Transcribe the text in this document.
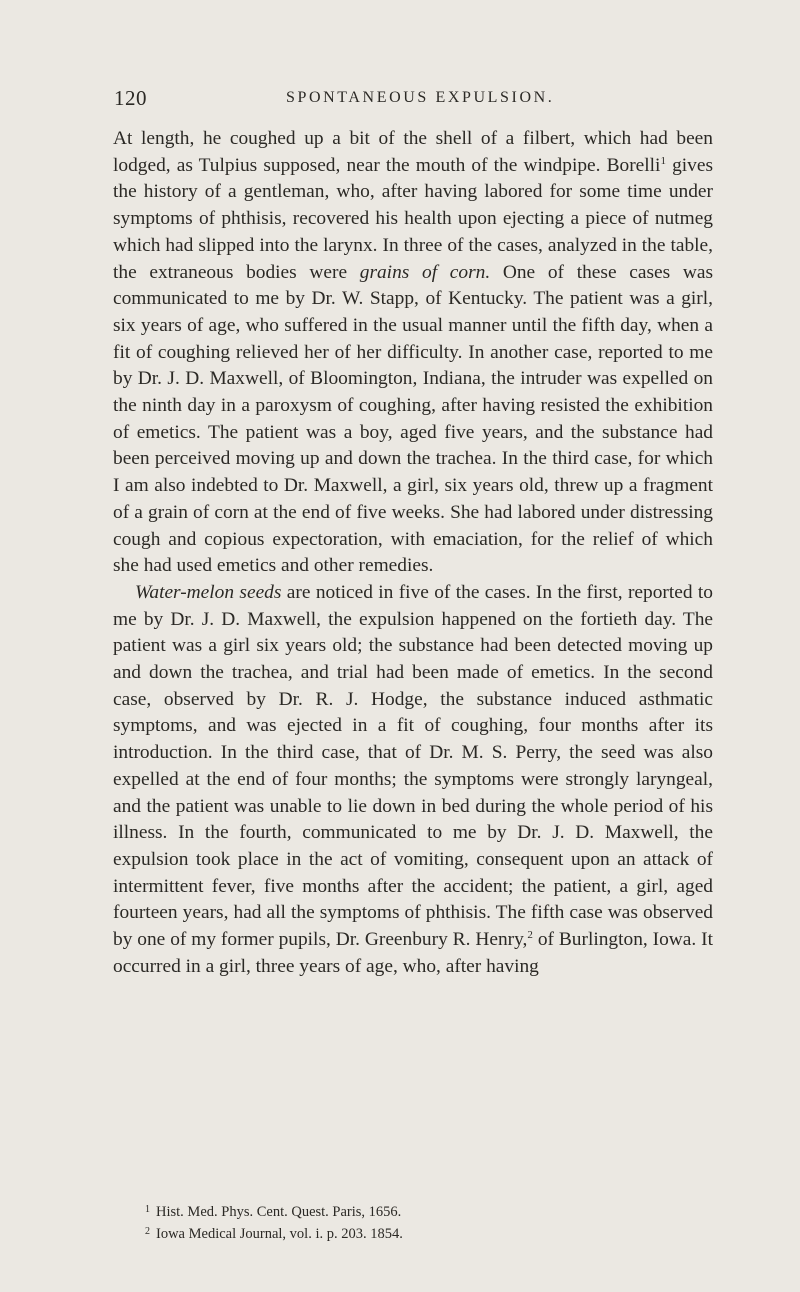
120	SPONTANEOUS EXPULSION.

At length, he coughed up a bit of the shell of a filbert, which had been lodged, as Tulpius supposed, near the mouth of the windpipe. Borelli$^1$ gives the history of a gentleman, who, after having labored for some time under symptoms of phthisis, recovered his health upon ejecting a piece of nutmeg which had slipped into the larynx. In three of the cases, analyzed in the table, the extraneous bodies were grains of corn. One of these cases was communicated to me by Dr. W. Stapp, of Kentucky. The patient was a girl, six years of age, who suffered in the usual manner until the fifth day, when a fit of coughing relieved her of her difficulty. In another case, reported to me by Dr. J. D. Maxwell, of Bloomington, Indiana, the intruder was expelled on the ninth day in a paroxysm of coughing, after having resisted the exhibition of emetics. The patient was a boy, aged five years, and the substance had been perceived moving up and down the trachea. In the third case, for which I am also indebted to Dr. Maxwell, a girl, six years old, threw up a fragment of a grain of corn at the end of five weeks. She had labored under distressing cough and copious expectoration, with emaciation, for the relief of which she had used emetics and other remedies.

Water-melon seeds are noticed in five of the cases. In the first, reported to me by Dr. J. D. Maxwell, the expulsion happened on the fortieth day. The patient was a girl six years old; the substance had been detected moving up and down the trachea, and trial had been made of emetics. In the second case, observed by Dr. R. J. Hodge, the substance induced asthmatic symptoms, and was ejected in a fit of coughing, four months after its introduction. In the third case, that of Dr. M. S. Perry, the seed was also expelled at the end of four months; the symptoms were strongly laryngeal, and the patient was unable to lie down in bed during the whole period of his illness. In the fourth, communicated to me by Dr. J. D. Maxwell, the expulsion took place in the act of vomiting, consequent upon an attack of intermittent fever, five months after the accident; the patient, a girl, aged fourteen years, had all the symptoms of phthisis. The fifth case was observed by one of my former pupils, Dr. Greenbury R. Henry,$^2$ of Burlington, Iowa. It occurred in a girl, three years of age, who, after having

$^1$ Hist. Med. Phys. Cent. Quest. Paris, 1656.
$^2$ Iowa Medical Journal, vol. i. p. 203. 1854.
